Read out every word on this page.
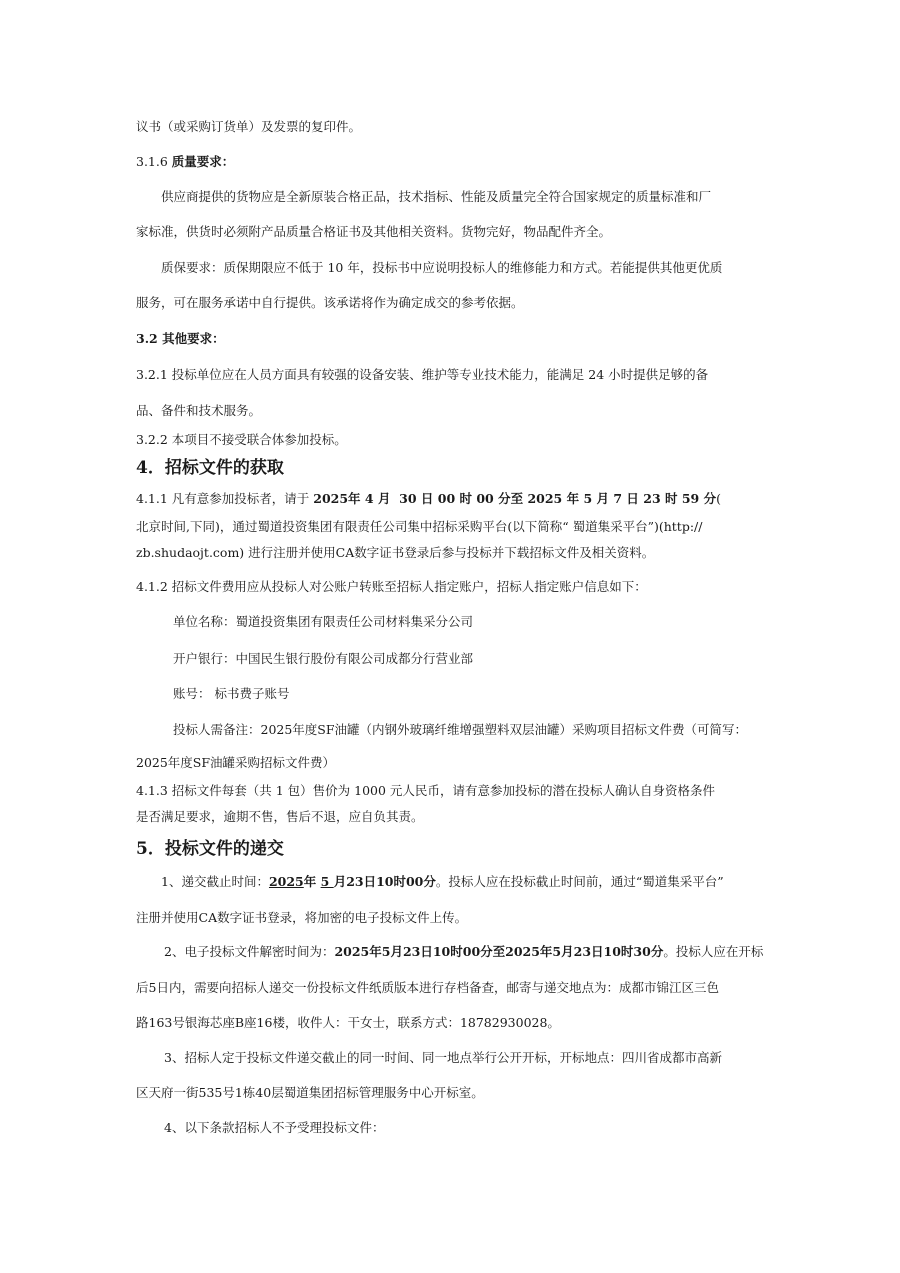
议书（或采购订货单）及发票的复印件。
3.1.6 质量要求：
供应商提供的货物应是全新原装合格正品，技术指标、性能及质量完全符合国家规定的质量标准和厂
家标准，供货时必须附产品质量合格证书及其他相关资料。货物完好，物品配件齐全。
质保要求：质保期限应不低于 10 年，投标书中应说明投标人的维修能力和方式。若能提供其他更优质
服务，可在服务承诺中自行提供。该承诺将作为确定成交的参考依据。
3.2 其他要求：
3.2.1 投标单位应在人员方面具有较强的设备安装、维护等专业技术能力，能满足 24 小时提供足够的备
品、备件和技术服务。
3.2.2 本项目不接受联合体参加投标。
4．招标文件的获取
4.1.1 凡有意参加投标者，请于 2025年 4 月  30 日 00 时 00 分至 2025 年 5 月 7 日 23 时 59 分(
北京时间,下同)，通过蜀道投资集团有限责任公司集中招标采购平台(以下简称“ 蜀道集采平台”)(http://
zb.shudaojt.com) 进行注册并使用CA数字证书登录后参与投标并下载招标文件及相关资料。
4.1.2 招标文件费用应从投标人对公账户转账至招标人指定账户，招标人指定账户信息如下：
单位名称：蜀道投资集团有限责任公司材料集采分公司
开户银行：中国民生银行股份有限公司成都分行营业部
账号： 标书费子账号
投标人需备注：2025年度SF油罐（内钢外玻璃纤维增强塑料双层油罐）采购项目招标文件费（可简写：
2025年度SF油罐采购招标文件费）
4.1.3 招标文件每套（共 1 包）售价为 1000 元人民币，请有意参加投标的潜在投标人确认自身资格条件
是否满足要求，逾期不售，售后不退，应自负其责。
5．投标文件的递交
1、递交截止时间：2025年 5 月23日10时00分。投标人应在投标截止时间前，通过“蜀道集采平台”
注册并使用CA数字证书登录，将加密的电子投标文件上传。
2、电子投标文件解密时间为：2025年5月23日10时00分至2025年5月23日10时30分。投标人应在开标
后5日内，需要向招标人递交一份投标文件纸质版本进行存档备查，邮寄与递交地点为：成都市锦江区三色
路163号银海芯座B座16楼，收件人：干女士，联系方式：18782930028。
3、招标人定于投标文件递交截止的同一时间、同一地点举行公开开标，开标地点：四川省成都市高新
区天府一街535号1栋40层蜀道集团招标管理服务中心开标室。
4、以下条款招标人不予受理投标文件：
